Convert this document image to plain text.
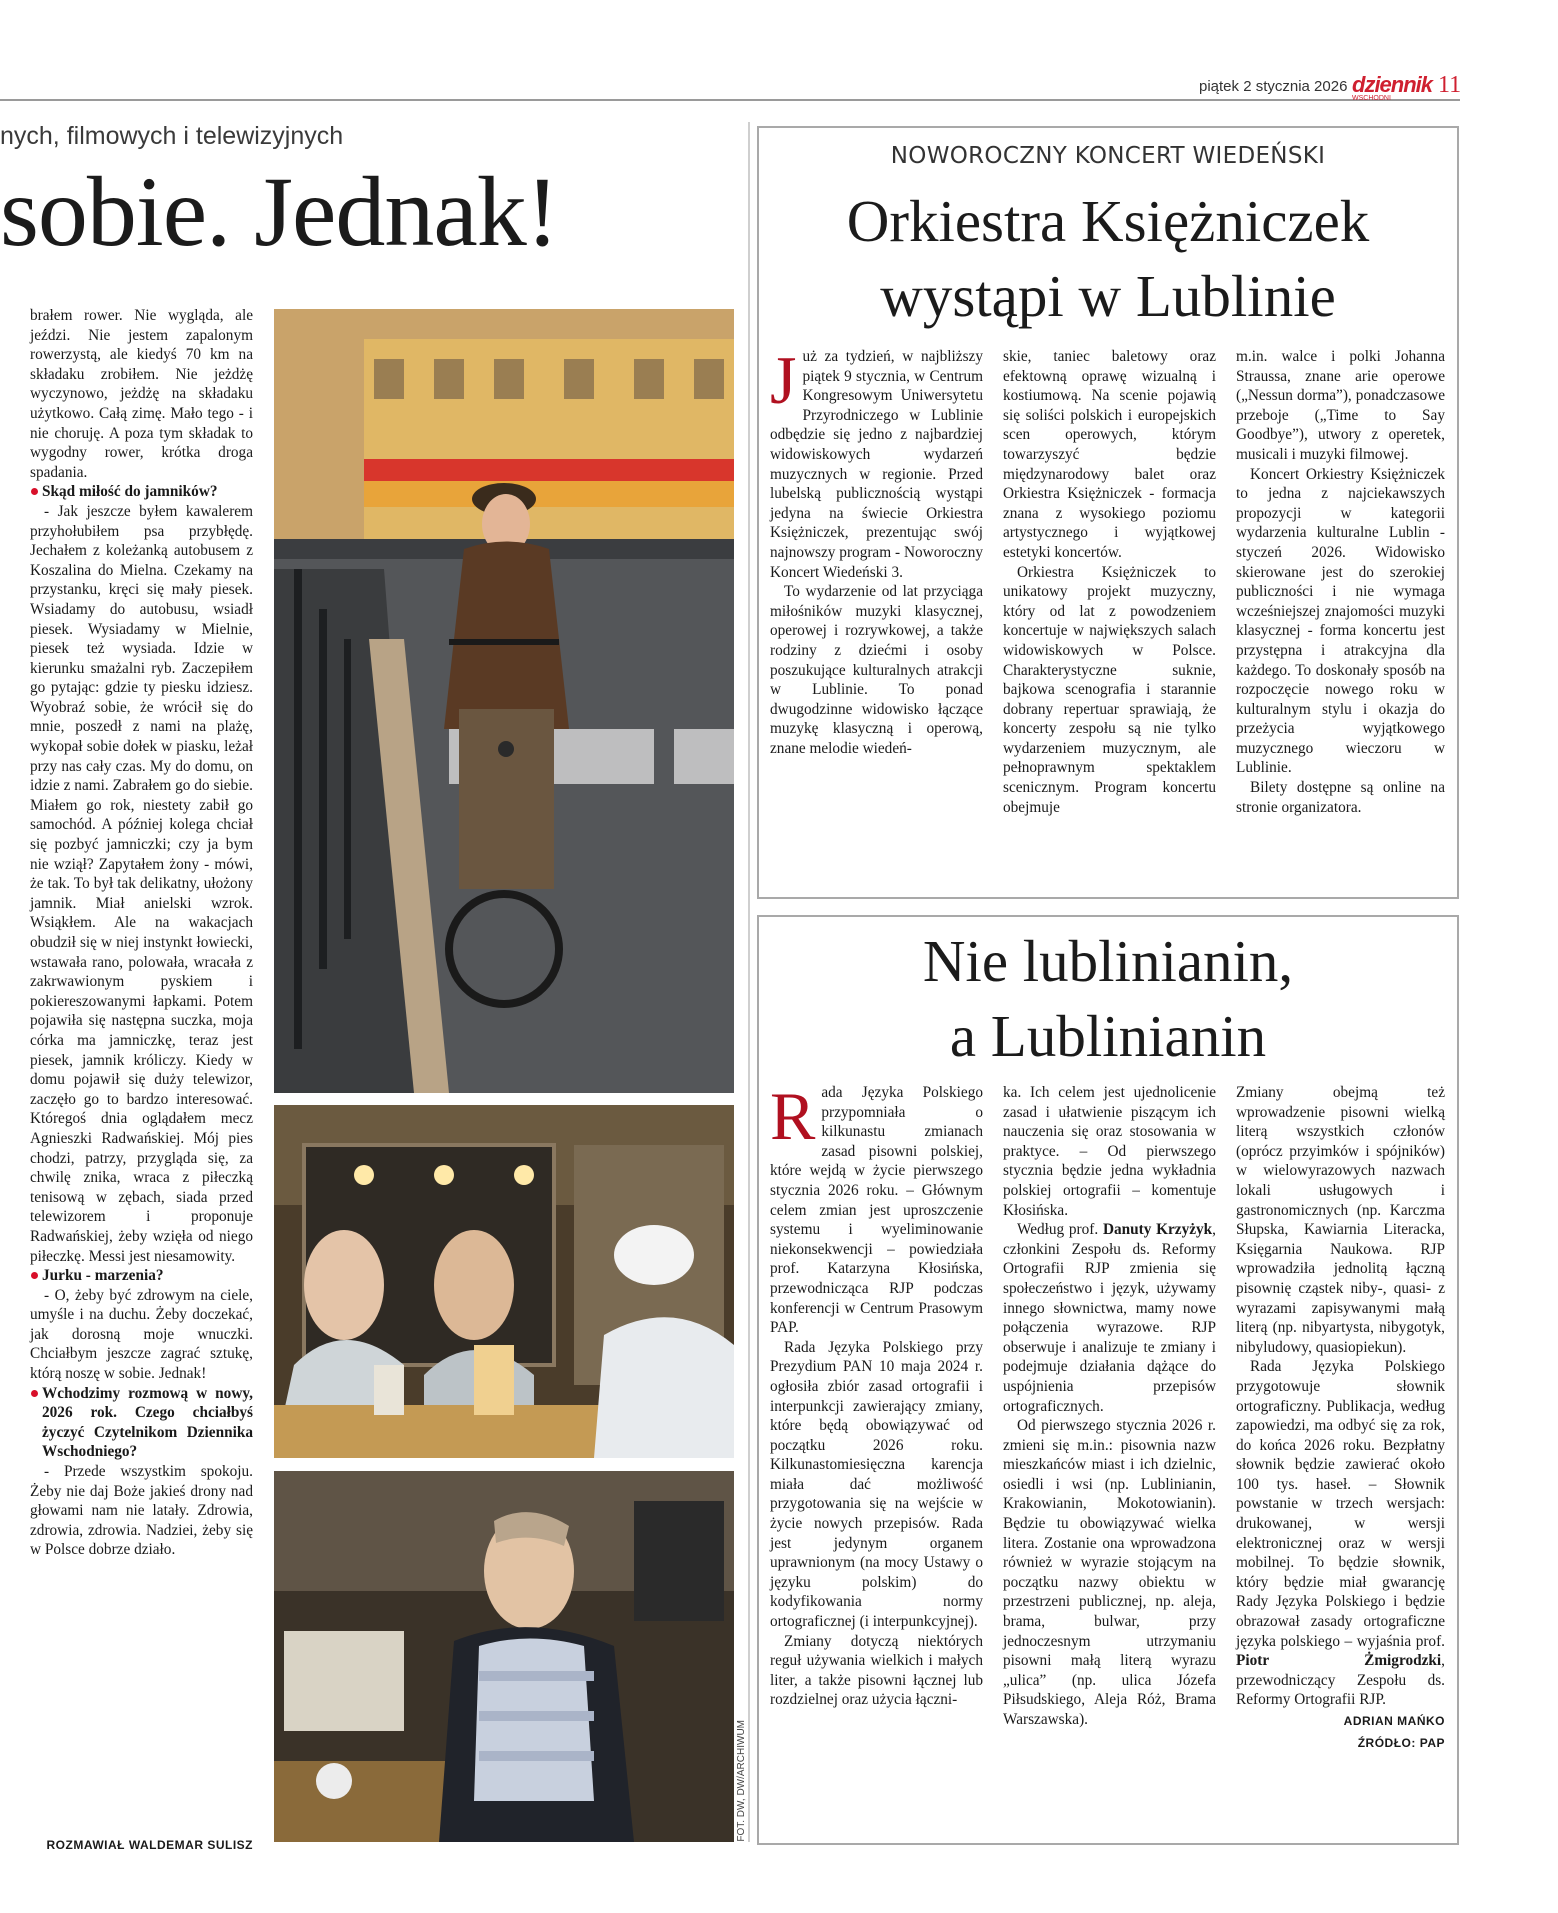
piątek 2 stycznia 2026 dziennik
WSCHODNI
11
nych, filmowych i telewizyjnych
sobie. Jednak!

brałem rower. Nie wygląda, ale jeździ. Nie jestem zapalonym rowerzystą, ale kiedyś 70 km na składaku zrobiłem. Nie jeżdżę wyczynowo, jeżdżę na składaku użytkowo. Całą zimę. Mało tego - i nie choruję. A poza tym składak to wygodny rower, krótka droga spadania.

Skąd miłość do jamników?

- Jak jeszcze byłem kawalerem przyhołubiłem psa przybłędę. Jechałem z koleżanką autobusem z Koszalina do Mielna. Czekamy na przystanku, kręci się mały piesek. Wsiadamy do autobusu, wsiadł piesek. Wysiadamy w Mielnie, piesek też wysiada. Idzie w kierunku smażalni ryb. Zaczepiłem go pytając: gdzie ty piesku idziesz. Wyobraź sobie, że wrócił się do mnie, poszedł z nami na plażę, wykopał sobie dołek w piasku, leżał przy nas cały czas. My do domu, on idzie z nami. Zabrałem go do siebie. Miałem go rok, niestety zabił go samochód. A później kolega chciał się pozbyć jamniczki; czy ja bym nie wziął? Zapytałem żony - mówi, że tak. To był tak delikatny, ułożony jamnik. Miał anielski wzrok. Wsiąkłem. Ale na wakacjach obudził się w niej instynkt łowiecki, wstawała rano, polowała, wracała z zakrwawionym pyskiem i pokiereszowanymi łapkami. Potem pojawiła się następna suczka, moja córka ma jamniczkę, teraz jest piesek, jamnik króliczy. Kiedy w domu pojawił się duży telewizor, zaczęło go to bardzo interesować. Któregoś dnia oglądałem mecz Agnieszki Radwańskiej. Mój pies chodzi, patrzy, przygląda się, za chwilę znika, wraca z piłeczką tenisową w zębach, siada przed telewizorem i proponuje Radwańskiej, żeby wzięła od niego piłeczkę. Messi jest niesamowity.

Jurku - marzenia?

- O, żeby być zdrowym na ciele, umyśle i na duchu. Żeby doczekać, jak dorosną moje wnuczki. Chciałbym jeszcze zagrać sztukę, którą noszę w sobie. Jednak!

Wchodzimy rozmową w nowy, 2026 rok. Czego chciałbyś życzyć Czytelnikom Dziennika Wschodniego?

- Przede wszystkim spokoju. Żeby nie daj Boże jakieś drony nad głowami nam nie latały. Zdrowia, zdrowia, zdrowia. Nadziei, żeby się w Polsce dobrze działo.

ROZMAWIAŁ WALDEMAR SULISZ
FOT. DW, DW/ARCHIWUM
NOWOROCZNY KONCERT WIEDEŃSKI
Orkiestra Księżniczek
wystąpi w Lublinie

Już za tydzień, w najbliższy piątek 9 stycznia, w Centrum Kongresowym Uniwersytetu Przyrodniczego w Lublinie odbędzie się jedno z najbardziej widowiskowych wydarzeń muzycznych w regionie. Przed lubelską publicznością wystąpi jedyna na świecie Orkiestra Księżniczek, prezentując swój najnowszy program - Noworoczny Koncert Wiedeński 3.

To wydarzenie od lat przyciąga miłośników muzyki klasycznej, operowej i rozrywkowej, a także rodziny z dziećmi i osoby poszukujące kulturalnych atrakcji w Lublinie. To ponad dwugodzinne widowisko łączące muzykę klasyczną i operową, znane melodie wiedeń-

skie, taniec baletowy oraz efektowną oprawę wizualną i kostiumową. Na scenie pojawią się soliści polskich i europejskich scen operowych, którym towarzyszyć będzie międzynarodowy balet oraz Orkiestra Księżniczek - formacja znana z wysokiego poziomu artystycznego i wyjątkowej estetyki koncertów.

Orkiestra Księżniczek to unikatowy projekt muzyczny, który od lat z powodzeniem koncertuje w największych salach widowiskowych w Polsce. Charakterystyczne suknie, bajkowa scenografia i starannie dobrany repertuar sprawiają, że koncerty zespołu są nie tylko wydarzeniem muzycznym, ale pełnoprawnym spektaklem scenicznym. Program koncertu obejmuje

m.in. walce i polki Johanna Straussa, znane arie operowe („Nessun dorma”), ponadczasowe przeboje („Time to Say Goodbye”), utwory z operetek, musicali i muzyki filmowej.

Koncert Orkiestry Księżniczek to jedna z najciekawszych propozycji w kategorii wydarzenia kulturalne Lublin - styczeń 2026. Widowisko skierowane jest do szerokiej publiczności i nie wymaga wcześniejszej znajomości muzyki klasycznej - forma koncertu jest przystępna i atrakcyjna dla każdego. To doskonały sposób na rozpoczęcie nowego roku w kulturalnym stylu i okazja do przeżycia wyjątkowego muzycznego wieczoru w Lublinie.

Bilety dostępne są online na stronie organizatora.

Nie lublinianin,
a Lublinianin

Rada Języka Polskiego przypomniała o kilkunastu zmianach zasad pisowni polskiej, które wejdą w życie pierwszego stycznia 2026 roku. – Głównym celem zmian jest uproszczenie systemu i wyeliminowanie niekonsekwencji – powiedziała prof. Katarzyna Kłosińska, przewodnicząca RJP podczas konferencji w Centrum Prasowym PAP.

Rada Języka Polskiego przy Prezydium PAN 10 maja 2024 r. ogłosiła zbiór zasad ortografii i interpunkcji zawierający zmiany, które będą obowiązywać od początku 2026 roku. Kilkunastomiesięczna karencja miała dać możliwość przygotowania się na wejście w życie nowych przepisów. Rada jest jedynym organem uprawnionym (na mocy Ustawy o języku polskim) do kodyfikowania normy ortograficznej (i interpunkcyjnej).

Zmiany dotyczą niektórych reguł używania wielkich i małych liter, a także pisowni łącznej lub rozdzielnej oraz użycia łączni-

ka. Ich celem jest ujednolicenie zasad i ułatwienie piszącym ich nauczenia się oraz stosowania w praktyce. – Od pierwszego stycznia będzie jedna wykładnia polskiej ortografii – komentuje Kłosińska.

Według prof. Danuty Krzyżyk, członkini Zespołu ds. Reformy Ortografii RJP zmienia się społeczeństwo i język, używamy innego słownictwa, mamy nowe połączenia wyrazowe. RJP obserwuje i analizuje te zmiany i podejmuje działania dążące do uspójnienia przepisów ortograficznych.

Od pierwszego stycznia 2026 r. zmieni się m.in.: pisownia nazw mieszkańców miast i ich dzielnic, osiedli i wsi (np. Lublinianin, Krakowianin, Mokotowianin). Będzie tu obowiązywać wielka litera. Zostanie ona wprowadzona również w wyrazie stojącym na początku nazwy obiektu w przestrzeni publicznej, np. aleja, brama, bulwar, przy jednoczesnym utrzymaniu pisowni małą literą wyrazu „ulica” (np. ulica Józefa Piłsudskiego, Aleja Róż, Brama Warszawska).

Zmiany obejmą też wprowadzenie pisowni wielką literą wszystkich członów (oprócz przyimków i spójników) w wielowyrazowych nazwach lokali usługowych i gastronomicznych (np. Karczma Słupska, Kawiarnia Literacka, Księgarnia Naukowa. RJP wprowadziła jednolitą łączną pisownię cząstek niby-, quasi- z wyrazami zapisywanymi małą literą (np. nibyartysta, nibygotyk, nibyludowy, quasiopiekun).

Rada Języka Polskiego przygotowuje słownik ortograficzny. Publikacja, według zapowiedzi, ma odbyć się za rok, do końca 2026 roku. Bezpłatny słownik będzie zawierać około 100 tys. haseł. – Słownik powstanie w trzech wersjach: drukowanej, w wersji elektronicznej oraz w wersji mobilnej. To będzie słownik, który będzie miał gwarancję Rady Języka Polskiego i będzie obrazował zasady ortograficzne języka polskiego – wyjaśnia prof. Piotr Żmigrodzki, przewodniczący Zespołu ds. Reformy Ortografii RJP.

ADRIAN MAŃKO
ŹRÓDŁO: PAP
